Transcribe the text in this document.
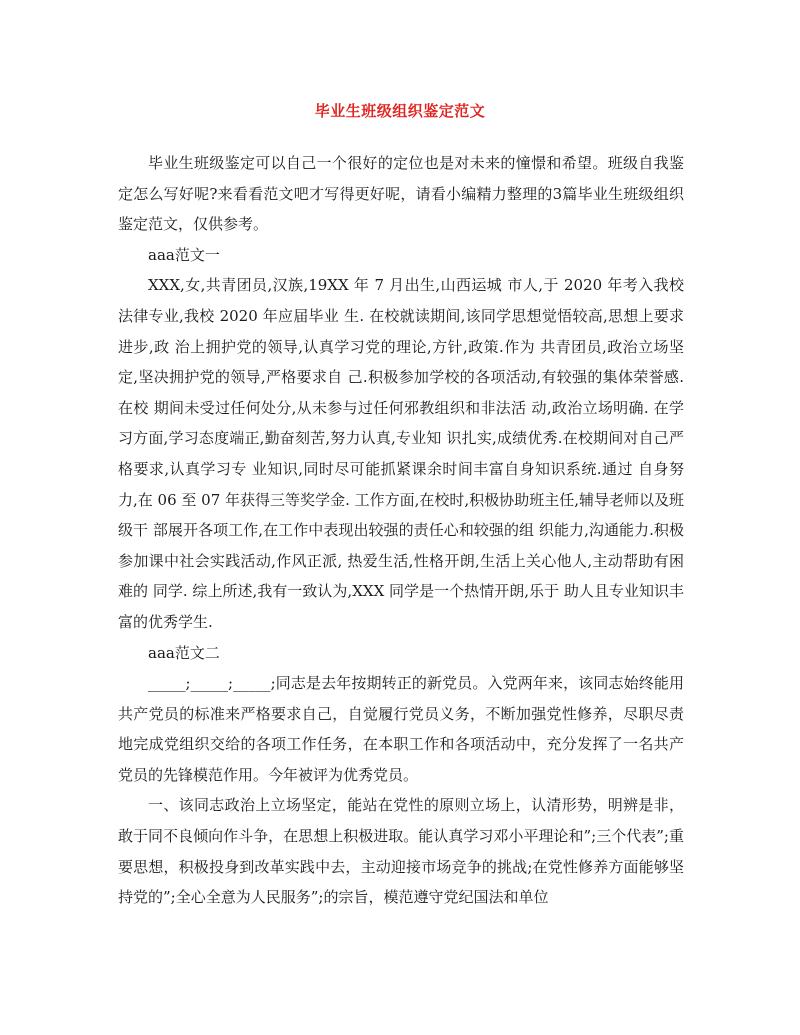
毕业生班级组织鉴定范文

毕业生班级鉴定可以自己一个很好的定位也是对未来的憧憬和希望。班级自我鉴定怎么写好呢?来看看范文吧才写得更好呢，请看小编精力整理的3篇毕业生班级组织鉴定范文，仅供参考。

aaa范文一

XXX,女,共青团员,汉族,19XX 年 7 月出生,山西运城 市人,于 2020 年考入我校法律专业,我校 2020 年应届毕业 生. 在校就读期间,该同学思想觉悟较高,思想上要求进步,政 治上拥护党的领导,认真学习党的理论,方针,政策.作为 共青团员,政治立场坚定,坚决拥护党的领导,严格要求自 己.积极参加学校的各项活动,有较强的集体荣誉感.在校 期间未受过任何处分,从未参与过任何邪教组织和非法活 动,政治立场明确. 在学习方面,学习态度端正,勤奋刻苦,努力认真,专业知 识扎实,成绩优秀.在校期间对自己严格要求,认真学习专 业知识,同时尽可能抓紧课余时间丰富自身知识系统.通过 自身努力,在 06 至 07 年获得三等奖学金. 工作方面,在校时,积极协助班主任,辅导老师以及班级干 部展开各项工作,在工作中表现出较强的责任心和较强的组 织能力,沟通能力.积极参加课中社会实践活动,作风正派, 热爱生活,性格开朗,生活上关心他人,主动帮助有困难的 同学. 综上所述,我有一致认为,XXX 同学是一个热情开朗,乐于 助人且专业知识丰富的优秀学生.

aaa范文二

_____;_____;_____;同志是去年按期转正的新党员。入党两年来，该同志始终能用共产党员的标准来严格要求自己，自觉履行党员义务，不断加强党性修养，尽职尽责地完成党组织交给的各项工作任务，在本职工作和各项活动中，充分发挥了一名共产党员的先锋模范作用。今年被评为优秀党员。

一、该同志政治上立场坚定，能站在党性的原则立场上，认清形势，明辨是非，敢于同不良倾向作斗争，在思想上积极进取。能认真学习邓小平理论和”;三个代表”;重要思想，积极投身到改革实践中去，主动迎接市场竞争的挑战;在党性修养方面能够坚持党的”;全心全意为人民服务”;的宗旨，模范遵守党纪国法和单位
